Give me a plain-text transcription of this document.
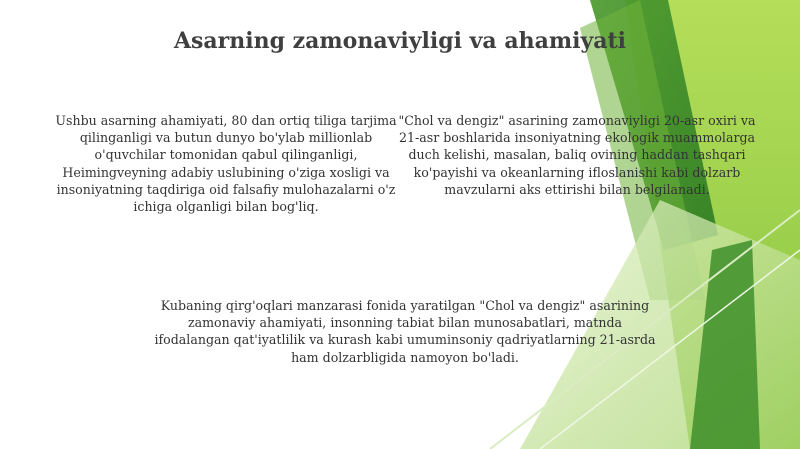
Asarning zamonaviyligi va ahamiyati

Ushbu asarning ahamiyati, 80 dan ortiq tiliga tarjima qilinganligi va butun dunyo bo'ylab millionlab o'quvchilar tomonidan qabul qilinganligi, Heimingveyning adabiy uslubining o'ziga xosligi va insoniyatning taqdiriga oid falsafiy mulohazalarni o'z ichiga olganligi bilan bog'liq.

"Chol va dengiz" asarining zamonaviyligi 20-asr oxiri va 21-asr boshlarida insoniyatning ekologik muammolarga duch kelishi, masalan, baliq ovining haddan tashqari ko'payishi va okeanlarning ifloslanishi kabi dolzarb mavzularni aks ettirishi bilan belgilanadi.

Kubaning qirg'oqlari manzarasi fonida yaratilgan "Chol va dengiz" asarining zamonaviy ahamiyati, insonning tabiat bilan munosabatlari, matnda ifodalangan qat'iyatlilik va kurash kabi umuminsoniy qadriyatlarning 21-asrda ham dolzarbligida namoyon bo'ladi.
